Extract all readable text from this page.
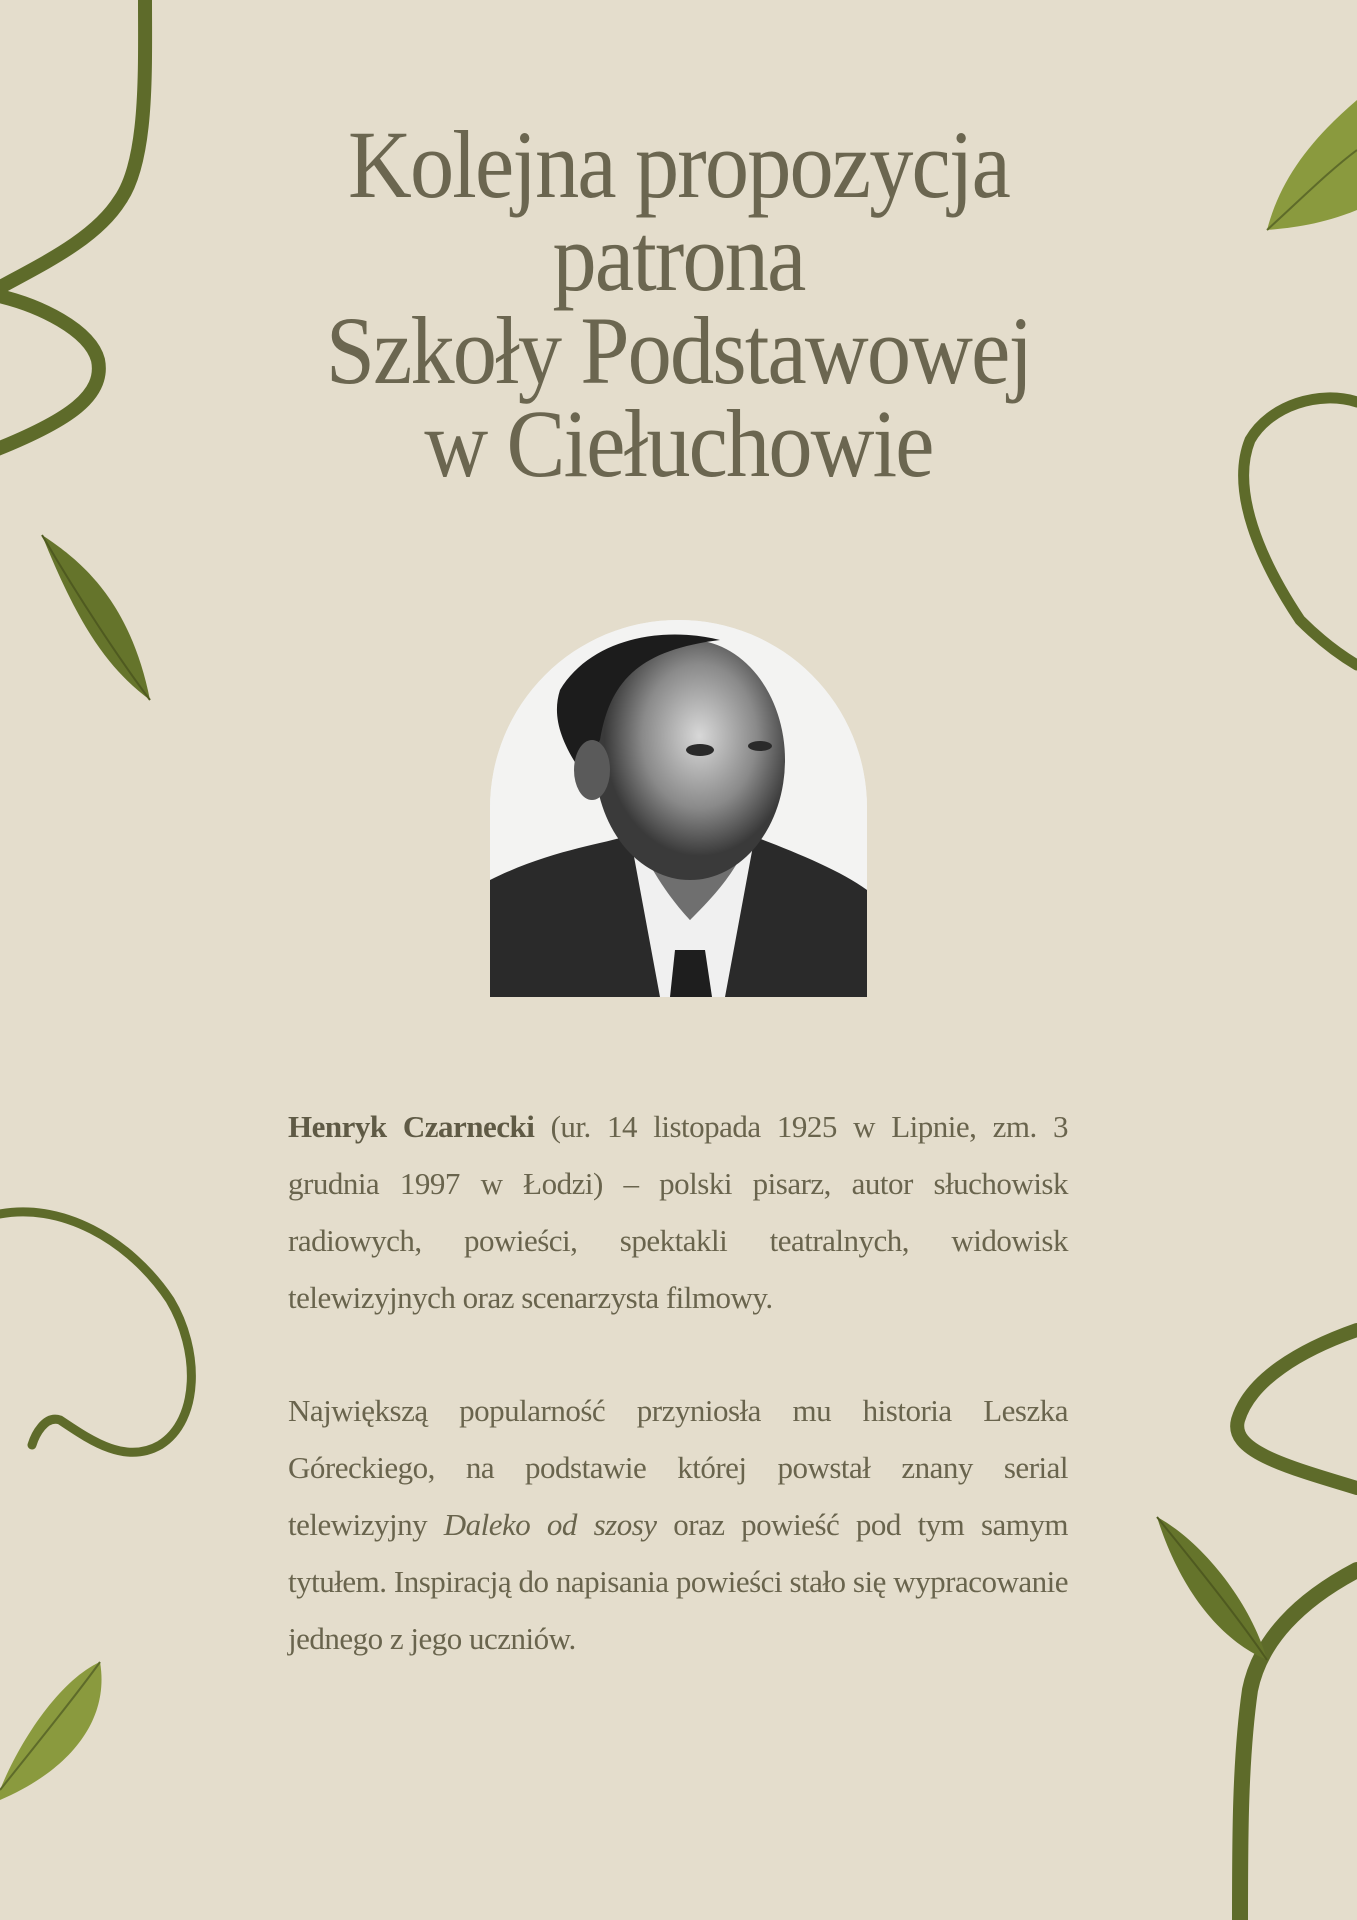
Kolejna propozycja
patrona
Szkoły Podstawowej
w Ciełuchowie

Henryk Czarnecki (ur. 14 listopada 1925 w Lipnie, zm. 3 grudnia 1997 w Łodzi) – polski pisarz, autor słuchowisk radiowych, powieści, spektakli teatralnych, widowisk telewizyjnych oraz scenarzysta filmowy.

Największą popularność przyniosła mu historia Leszka Góreckiego, na podstawie której powstał znany serial telewizyjny Daleko od szosy oraz powieść pod tym samym tytułem. Inspiracją do napisania powieści stało się wypracowanie jednego z jego uczniów.
